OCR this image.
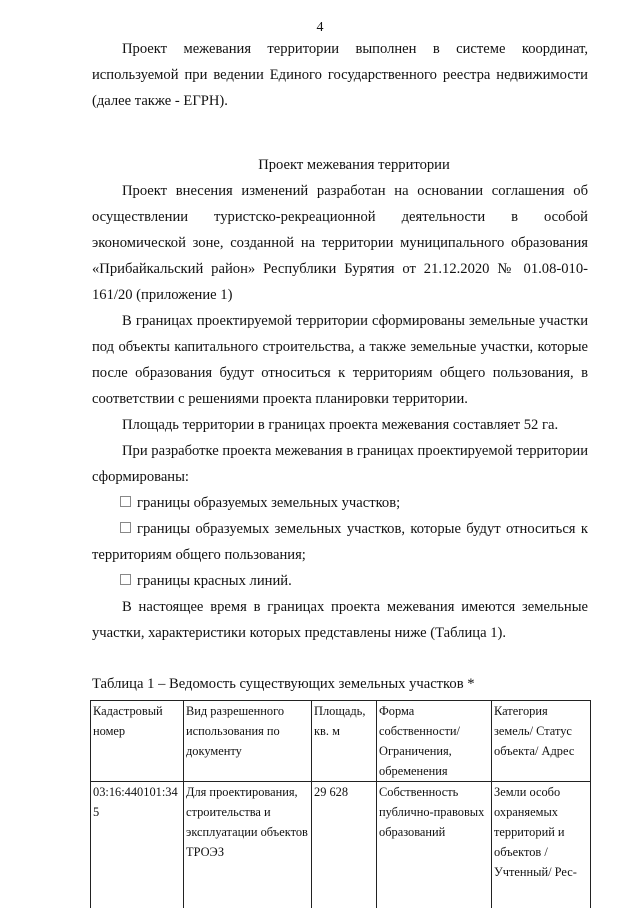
4
Проект межевания территории выполнен в системе координат, используемой при ведении Единого государственного реестра недвижимости (далее также - ЕГРН).
Проект межевания территории
Проект внесения изменений разработан на основании соглашения об осуществлении туристско-рекреационной деятельности в особой экономической зоне, созданной на территории муниципального образования «Прибайкальский район» Республики Бурятия от 21.12.2020 № 01.08-010-161/20 (приложение 1)
В границах проектируемой территории сформированы земельные участки под объекты капитального строительства, а также земельные участки, которые после образования будут относиться к территориям общего пользования, в соответствии с решениями проекта планировки территории.
Площадь территории в границах проекта межевания составляет 52 га.
При разработке проекта межевания в границах проектируемой территории сформированы:
границы образуемых земельных участков;
границы образуемых земельных участков, которые будут относиться к территориям общего пользования;
границы красных линий.
В настоящее время в границах проекта межевания имеются земельные участки, характеристики которых представлены ниже (Таблица 1).
Таблица 1 – Ведомость существующих земельных участков *
Кадастровый номер	Вид разрешенного использования по документу	Площадь, кв. м	Форма собственности/ Ограничения, обременения	Категория земель/ Статус объекта/ Адрес
03:16:440101:345	Для проектирования, строительства и эксплуатации объектов ТРОЭЗ	29 628	Собственность публично-правовых образований	Земли особо охраняемых территорий и объектов / Учтенный/ Рес-
